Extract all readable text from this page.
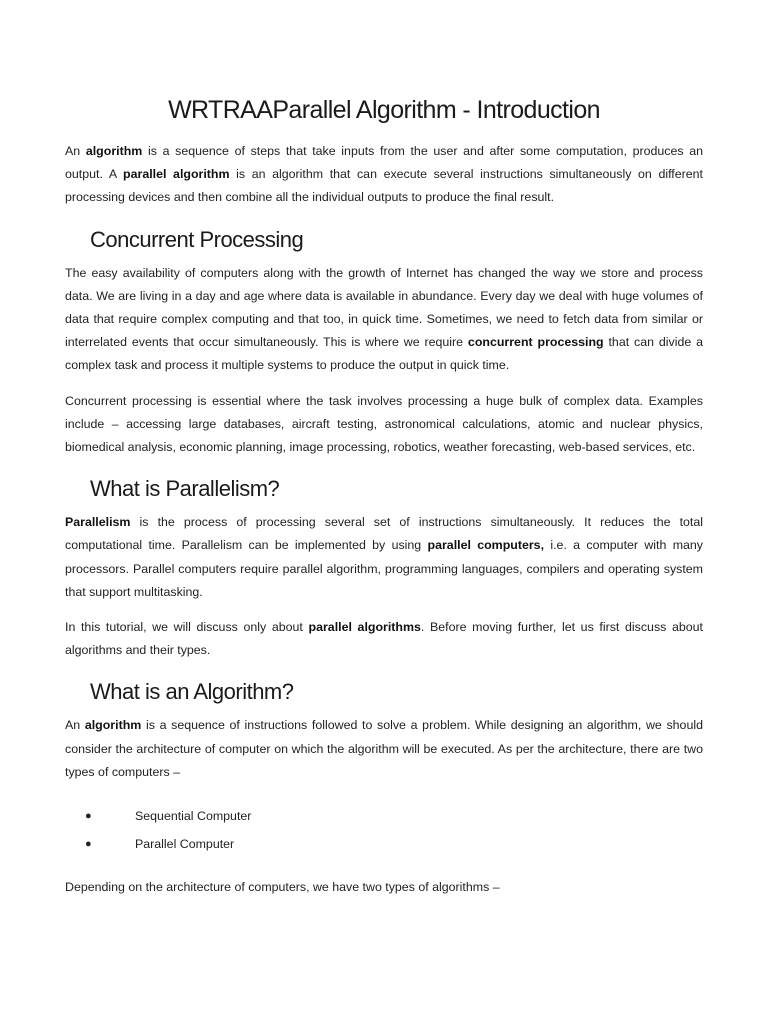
WRTRAAParallel Algorithm - Introduction

An algorithm is a sequence of steps that take inputs from the user and after some computation, produces an output. A parallel algorithm is an algorithm that can execute several instructions simultaneously on different processing devices and then combine all the individual outputs to produce the final result.

Concurrent Processing

The easy availability of computers along with the growth of Internet has changed the way we store and process data. We are living in a day and age where data is available in abundance. Every day we deal with huge volumes of data that require complex computing and that too, in quick time. Sometimes, we need to fetch data from similar or interrelated events that occur simultaneously. This is where we require concurrent processing that can divide a complex task and process it multiple systems to produce the output in quick time.

Concurrent processing is essential where the task involves processing a huge bulk of complex data. Examples include – accessing large databases, aircraft testing, astronomical calculations, atomic and nuclear physics, biomedical analysis, economic planning, image processing, robotics, weather forecasting, web-based services, etc.

What is Parallelism?

Parallelism is the process of processing several set of instructions simultaneously. It reduces the total computational time. Parallelism can be implemented by using parallel computers, i.e. a computer with many processors. Parallel computers require parallel algorithm, programming languages, compilers and operating system that support multitasking.

In this tutorial, we will discuss only about parallel algorithms. Before moving further, let us first discuss about algorithms and their types.

What is an Algorithm?

An algorithm is a sequence of instructions followed to solve a problem. While designing an algorithm, we should consider the architecture of computer on which the algorithm will be executed. As per the architecture, there are two types of computers –

●	Sequential Computer
●	Parallel Computer

Depending on the architecture of computers, we have two types of algorithms –
